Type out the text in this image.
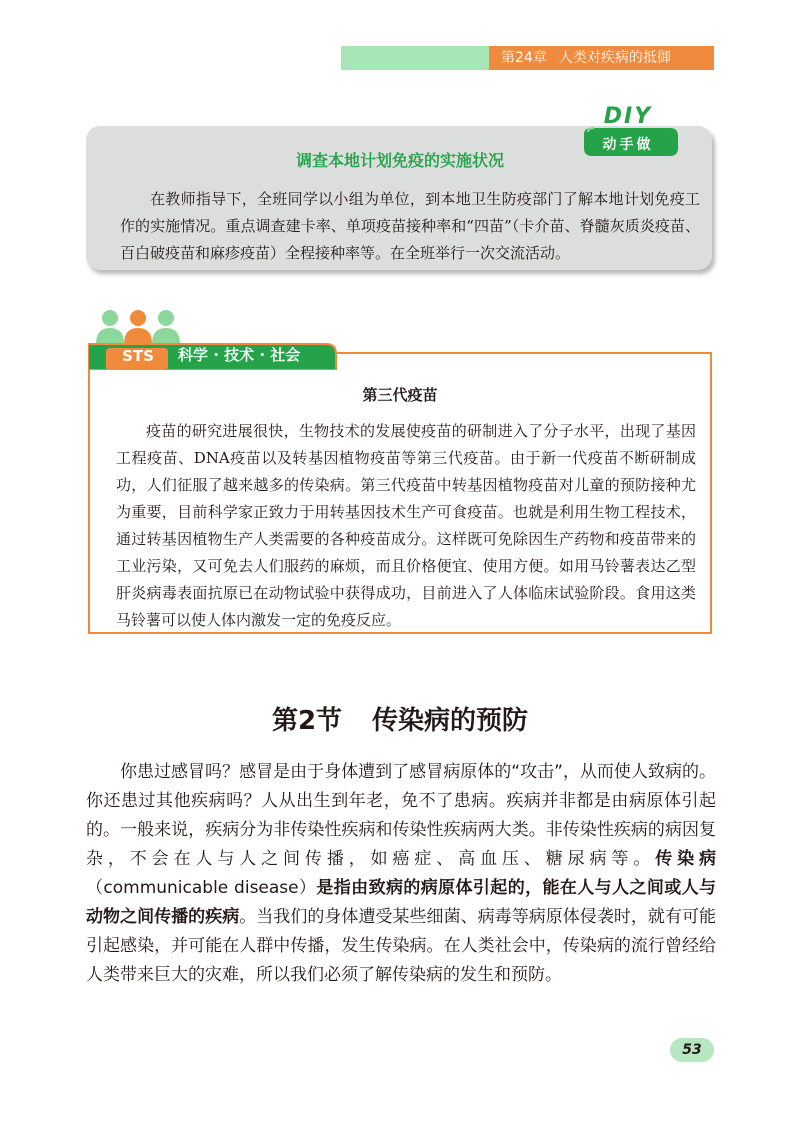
第24章 人类对疾病的抵御
DIY
动手做
调查本地计划免疫的实施状况

在教师指导下，全班同学以小组为单位，到本地卫生防疫部门了解本地计划免疫工作的实施情况。重点调查建卡率、单项疫苗接种率和“四苗”（卡介苗、脊髓灰质炎疫苗、百白破疫苗和麻疹疫苗）全程接种率等。在全班举行一次交流活动。

STS	科学 · 技术 · 社会
第三代疫苗

疫苗的研究进展很快，生物技术的发展使疫苗的研制进入了分子水平，出现了基因工程疫苗、DNA疫苗以及转基因植物疫苗等第三代疫苗。由于新一代疫苗不断研制成功，人们征服了越来越多的传染病。第三代疫苗中转基因植物疫苗对儿童的预防接种尤为重要，目前科学家正致力于用转基因技术生产可食疫苗。也就是利用生物工程技术，通过转基因植物生产人类需要的各种疫苗成分。这样既可免除因生产药物和疫苗带来的工业污染，又可免去人们服药的麻烦，而且价格便宜、使用方便。如用马铃薯表达乙型肝炎病毒表面抗原已在动物试验中获得成功，目前进入了人体临床试验阶段。食用这类马铃薯可以使人体内激发一定的免疫反应。

第2节 传染病的预防

你患过感冒吗？感冒是由于身体遭到了感冒病原体的“攻击”，从而使人致病的。你还患过其他疾病吗？人从出生到年老，免不了患病。疾病并非都是由病原体引起的。一般来说，疾病分为非传染性疾病和传染性疾病两大类。非传染性疾病的病因复杂，不会在人与人之间传播，如癌症、高血压、糖尿病等。传染病（communicable disease）是指由致病的病原体引起的，能在人与人之间或人与动物之间传播的疾病。当我们的身体遭受某些细菌、病毒等病原体侵袭时，就有可能引起感染，并可能在人群中传播，发生传染病。在人类社会中，传染病的流行曾经给人类带来巨大的灾难，所以我们必须了解传染病的发生和预防。

53
